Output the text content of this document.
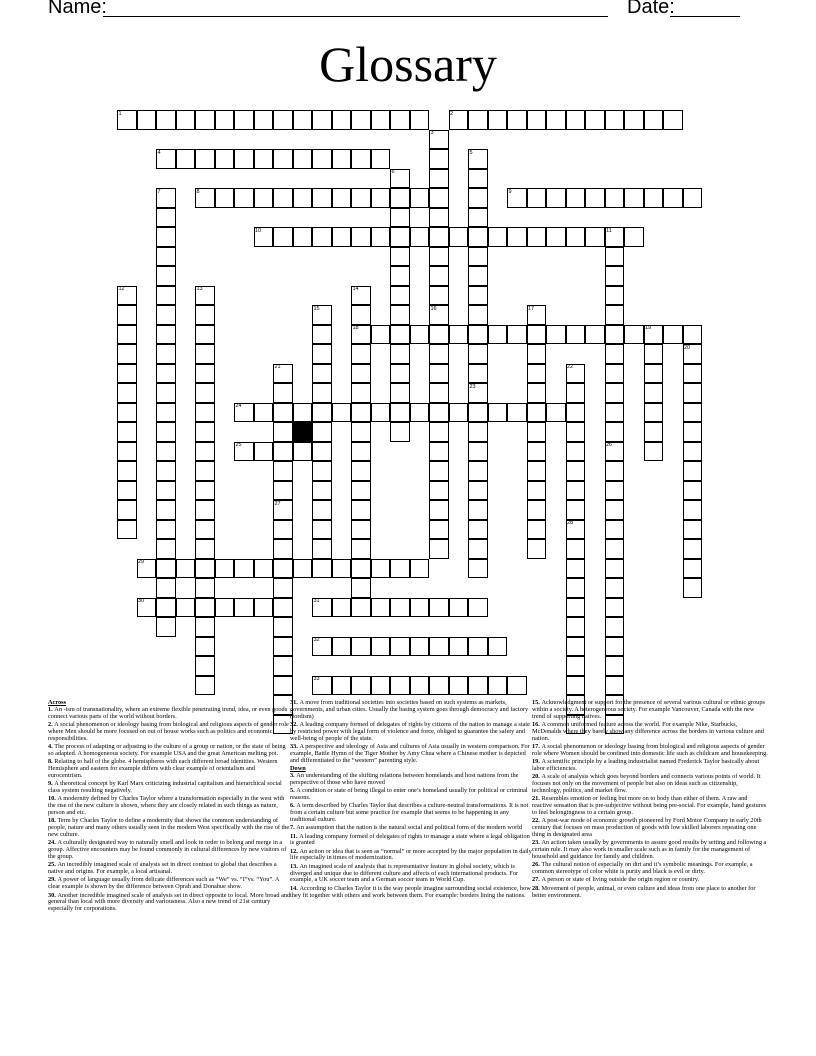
Name:	Date:
Glossary
1	2
4
8	9
10
18
24
25
29
30	31
32
33
3
5
6
7
11
12	13	14
15	16	17
19
20
21	22
23
26
27
28
Across
1. An -ism of transnationality, where an extreme flexible penetrating trend, idea, or even goods connect various parts of the world without borders.
2. A social phenomenon or ideology basing from biological and religious aspects of gender role where Men should be more focused on out of house works such as politics and economic responsibilities.
4. The process of adapting or adjusting to the culture of a group or nation, or the state of being so adapted. A homogeneous society. For example USA and the great American melting pot.
8. Relating to half of the globe. 4 hemispheres with each different broad identities. Western Hemisphere and eastern for example differs with clear example of orientalism and eurocentrism.
9. A theoretical concept by Karl Marx criticizing industrial capitalism and hierarchical social class system resulting negatively.
10. A modernity defined by Charles Taylor where a transformation especially in the west with the rise of the new culture is shown, where they are closely related in such things as nature, person and etc.
18. Term by Charles Taylor to define a modernity that shows the common understanding of people, nature and many others usually seen in the modern West specifically with the rise of the new culture.
24. A culturally designated way to naturally smell and look in order to belong and merge in a group. Affective encounters may be found commonly in cultural differences by new visitors of the group.
25. An incredibly imagined scale of analysis set in direct contrast to global that describes a native and origins. For example, a local artisanal.
29. A power of language usually from delicate differences such as “We” vs. “I”vs. “You”. A clear example is shown by the difference between Oprah and Donahue show.
30. Another incredible imagined scale of analysis set in direct opposite to local. More broad and general than local with more diversity and variousness. Also a new trend of 21st century especially for corporations.
31. A move from traditional societies into societies based on such systems as markets, governments, and urban cities. Usually the basing system goes through democracy and factory (fordism)
32. A leading company formed of delegates of rights by citizens of the nation to manage a state by restricted power with legal form of violence and force, obliged to guarantee the safety and well-being of people of the state.
33. A perspective and ideology of Asia and cultures of Asia usually in western comparison. For example, Battle Hymn of the Tiger Mother by Amy Chua where a Chinese mother is depicted and differentiated to the “western” parenting style.
Down
3. An understanding of the shifting relations between homelands and host nations from the perspective of those who have moved
5. A condition or state of being illegal to enter one’s homeland usually for political or criminal reasons.
6. A term described by Charles Taylor that describes a culture-neutral transformations. It is not from a certain culture but some practice for example that seems to be happening in any traditional culture.
7. An assumption that the nation is the natural social and political form of the modern world
11. A leading company formed of delegates of rights to manage a state where a legal obligation is granted
12. An action or idea that is seen as “normal” or more accepted by the major population in daily life especially in times of modernization.
13. An imagined scale of analysis that is representative feature in global society, which is diverged and unique due to different culture and affects of each international products. For example, a UK soccer team and a German soccer team in World Cup.
14. According to Charles Taylor it is the way people imagine surrounding social existence, how they fit together with others and work between them. For example: borders lining the nations.
15. Acknowledgment or support for the presence of several various cultural or ethnic groups within a society. A heterogeneous society. For example Vancouver, Canada with the new trend of supporting natives.
16. A common uniformed feature across the world. For example Nike, Starbucks, McDonalds where they barely show any difference across the borders in various culture and nation.
17. A social phenomenon or ideology basing from biological and religious aspects of gender role where Women should be confined into domestic life such as childcare and housekeeping.
19. A scientific principle by a leading industrialist named Frederick Taylor basically about labor efficiencies.
20. A scale of analysis which goes beyond borders and connects various points of world. It focuses not only on the movement of people but also on ideas such as citizenship, technology, politics, and market flow.
21. Resembles emotion or feeling but more on to body than either of them. A raw and reactive sensation that is pre-subjective without being pre-social. For example, hand gestures to feel belongingness to a certain group.
22. A post-war mode of economic growth pioneered by Ford Motor Company in early 20th century that focuses on mass production of goods with low skilled laborers repeating one thing in designated area
23. An action taken usually by governments to assure good results by setting and following a certain rule. It may also work in smaller scale such as in family for the management of household and guidance for family and children.
26. The cultural notion of especially on dirt and it’s symbolic meanings. For example, a common stereotype of color white is purity and black is evil or dirty.
27. A person or state of living outside the origin region or country.
28. Movement of people, animal, or even culture and ideas from one place to another for better environment.
